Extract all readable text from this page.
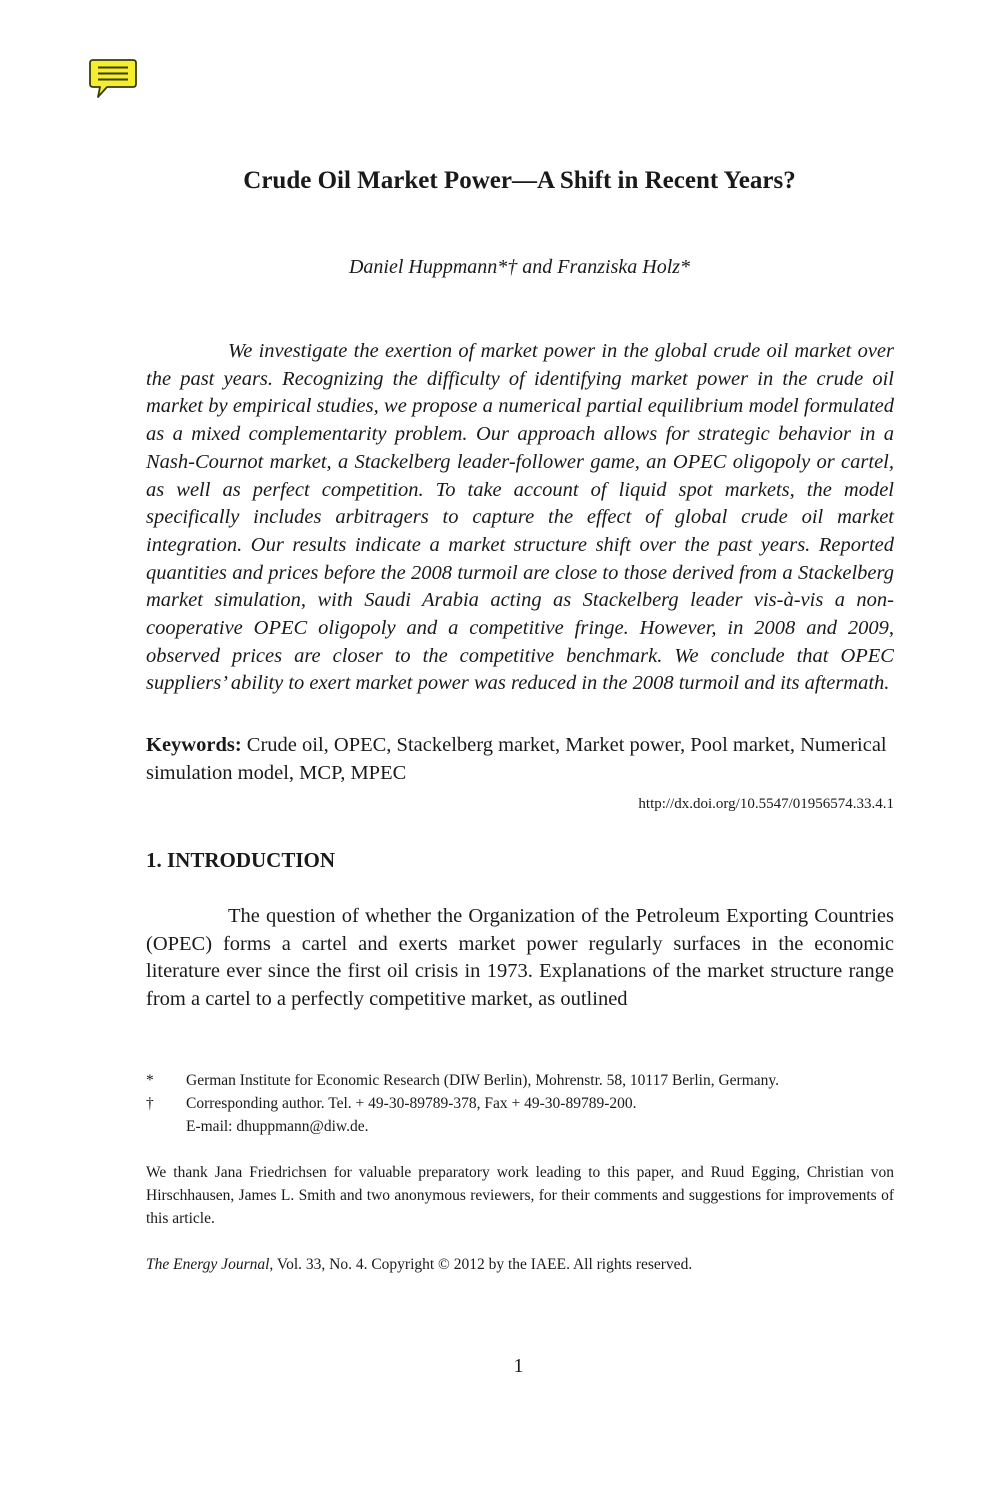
Crude Oil Market Power—A Shift in Recent Years?

Daniel Huppmann*† and Franziska Holz*

We investigate the exertion of market power in the global crude oil market over the past years. Recognizing the difficulty of identifying market power in the crude oil market by empirical studies, we propose a numerical partial equilibrium model formulated as a mixed complementarity problem. Our approach allows for strategic behavior in a Nash-Cournot market, a Stackelberg leader-follower game, an OPEC oligopoly or cartel, as well as perfect competition. To take account of liquid spot markets, the model specifically includes arbitragers to capture the effect of global crude oil market integration. Our results indicate a market structure shift over the past years. Reported quantities and prices before the 2008 turmoil are close to those derived from a Stackelberg market simulation, with Saudi Arabia acting as Stackelberg leader vis-à-vis a non-cooperative OPEC oligopoly and a competitive fringe. However, in 2008 and 2009, observed prices are closer to the competitive benchmark. We conclude that OPEC suppliers’ ability to exert market power was reduced in the 2008 turmoil and its aftermath.

Keywords: Crude oil, OPEC, Stackelberg market, Market power, Pool market, Numerical simulation model, MCP, MPEC

http://dx.doi.org/10.5547/01956574.33.4.1

1. INTRODUCTION

The question of whether the Organization of the Petroleum Exporting Countries (OPEC) forms a cartel and exerts market power regularly surfaces in the economic literature ever since the first oil crisis in 1973. Explanations of the market structure range from a cartel to a perfectly competitive market, as outlined

*	German Institute for Economic Research (DIW Berlin), Mohrenstr. 58, 10117 Berlin, Germany.
†	Corresponding author. Tel. + 49-30-89789-378, Fax + 49-30-89789-200.
E-mail: dhuppmann@diw.de.

We thank Jana Friedrichsen for valuable preparatory work leading to this paper, and Ruud Egging, Christian von Hirschhausen, James L. Smith and two anonymous reviewers, for their comments and suggestions for improvements of this article.

The Energy Journal, Vol. 33, No. 4. Copyright © 2012 by the IAEE. All rights reserved.

1
